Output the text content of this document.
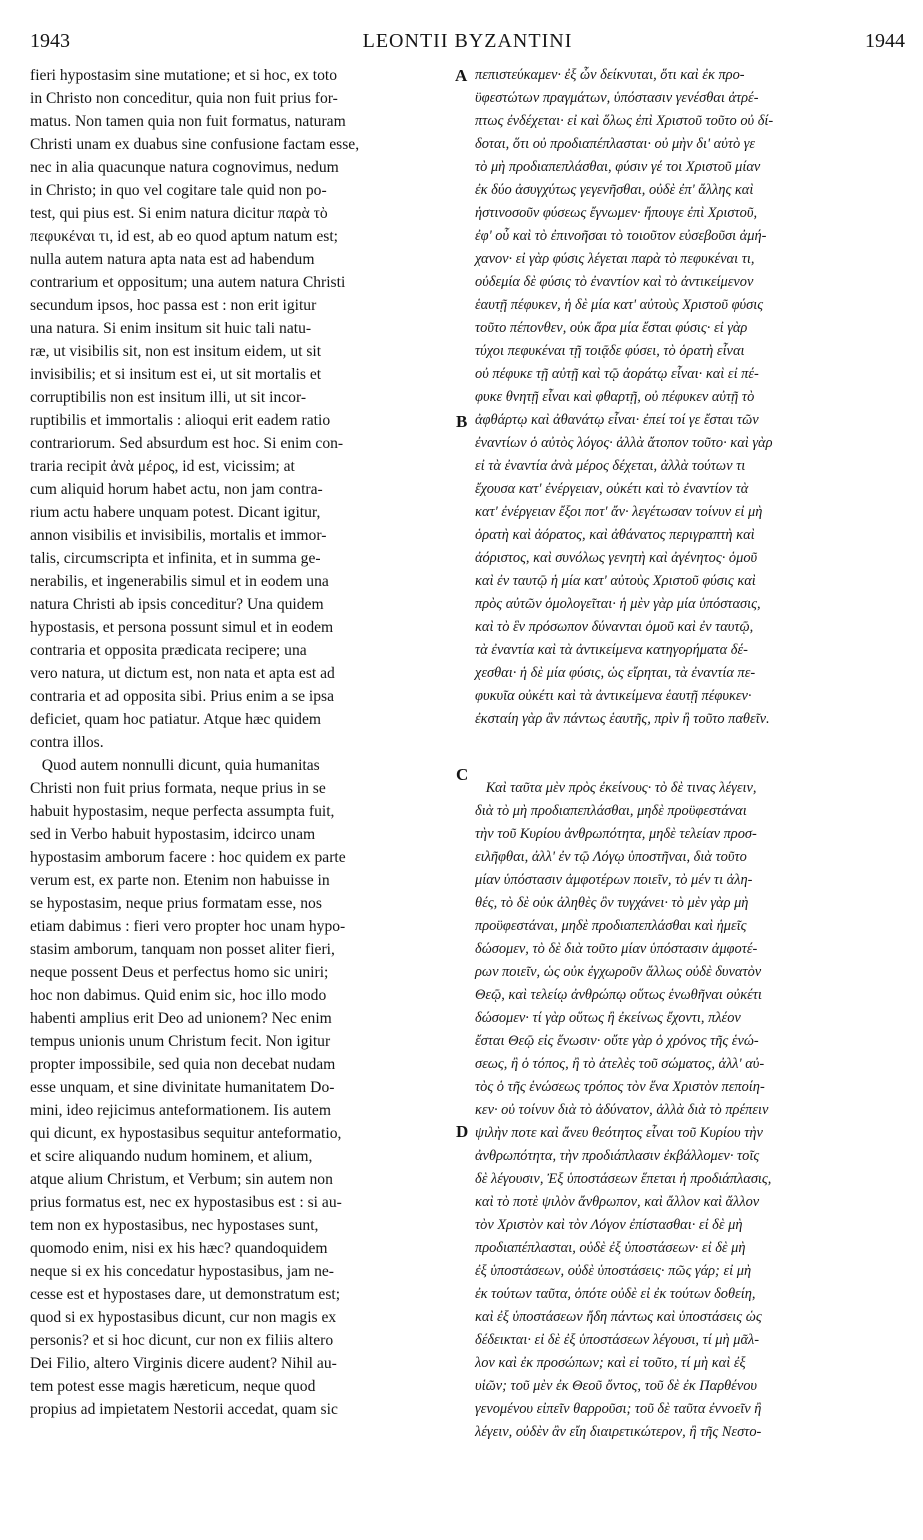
1943	LEONTII BYZANTINI	1944
fieri hypostasim sine mutatione; et si hoc, ex toto
in Christo non conceditur, quia non fuit prius for-
matus. Non tamen quia non fuit formatus, naturam
Christi unam ex duabus sine confusione factam esse,
nec in alia quacunque natura cognovimus, nedum
in Christo; in quo vel cogitare tale quid non po-
test, qui pius est. Si enim natura dicitur παρὰ τὸ
πεφυκέναι τι, id est, ab eo quod aptum natum est;
nulla autem natura apta nata est ad habendum
contrarium et oppositum; una autem natura Christi
secundum ipsos, hoc passa est : non erit igitur
una natura. Si enim insitum sit huic tali natu-
ræ, ut visibilis sit, non est insitum eidem, ut sit
invisibilis; et si insitum est ei, ut sit mortalis et
corruptibilis non est insitum illi, ut sit incor-
ruptibilis et immortalis : alioqui erit eadem ratio
contrariorum. Sed absurdum est hoc. Si enim con-
traria recipit ἀνὰ μέρος, id est, vicissim; at
cum aliquid horum habet actu, non jam contra-
rium actu habere unquam potest. Dicant igitur,
annon visibilis et invisibilis, mortalis et immor-
talis, circumscripta et infinita, et in summa ge-
nerabilis, et ingenerabilis simul et in eodem una
natura Christi ab ipsis conceditur? Una quidem
hypostasis, et persona possunt simul et in eodem
contraria et opposita prædicata recipere; una
vero natura, ut dictum est, non nata et apta est ad
contraria et ad opposita sibi. Prius enim a se ipsa
deficiet, quam hoc patiatur. Atque hæc quidem
contra illos.
Quod autem nonnulli dicunt, quia humanitas
Christi non fuit prius formata, neque prius in se
habuit hypostasim, neque perfecta assumpta fuit,
sed in Verbo habuit hypostasim, idcirco unam
hypostasim amborum facere : hoc quidem ex parte
verum est, ex parte non. Etenim non habuisse in
se hypostasim, neque prius formatam esse, nos
etiam dabimus : fieri vero propter hoc unam hypo-
stasim amborum, tanquam non posset aliter fieri,
neque possent Deus et perfectus homo sic uniri;
hoc non dabimus. Quid enim sic, hoc illo modo
habenti amplius erit Deo ad unionem? Nec enim
tempus unionis unum Christum fecit. Non igitur
propter impossibile, sed quia non decebat nudam
esse unquam, et sine divinitate humanitatem Do-
mini, ideo rejicimus anteformationem. Iis autem
qui dicunt, ex hypostasibus sequitur anteformatio,
et scire aliquando nudum hominem, et alium,
atque alium Christum, et Verbum; sin autem non
prius formatus est, nec ex hypostasibus est : si au-
tem non ex hypostasibus, nec hypostases sunt,
quomodo enim, nisi ex his hæc? quandoquidem
neque si ex his concedatur hypostasibus, jam ne-
cesse est et hypostases dare, ut demonstratum est;
quod si ex hypostasibus dicunt, cur non magis ex
personis? et si hoc dicunt, cur non ex filiis altero
Dei Filio, altero Virginis dicere audent? Nihil au-
tem potest esse magis hæreticum, neque quod
propius ad impietatem Nestorii accedat, quam sic
πεπιστεύκαμεν· ἐξ ὧν δείκνυται, ὅτι καὶ ἐκ προ-
ϋφεστώτων πραγμάτων, ὑπόστασιν γενέσθαι ἀτρέ-
πτως ἐνδέχεται· εἰ καὶ ὅλως ἐπὶ Χριστοῦ τοῦτο οὐ δί-
δοται, ὅτι οὐ προδιαπέπλασται· οὐ μὴν δι' αὐτὸ γε
τὸ μὴ προδιαπεπλάσθαι, φύσιν γέ τοι Χριστοῦ μίαν
ἐκ δύο ἀσυγχύτως γεγενῆσθαι, οὐδὲ ἐπ' ἄλλης καὶ
ἡστινοσοῦν φύσεως ἔγνωμεν· ἤπουγε ἐπὶ Χριστοῦ,
ἐφ' οὗ καὶ τὸ ἐπινοῆσαι τὸ τοιοῦτον εὐσεβοῦσι ἀμή-
χανον· εἰ γὰρ φύσις λέγεται παρὰ τὸ πεφυκέναι τι,
οὐδεμία δὲ φύσις τὸ ἐναντίον καὶ τὸ ἀντικείμενον
ἑαυτῇ πέφυκεν, ἡ δὲ μία κατ' αὐτοὺς Χριστοῦ φύσις
τοῦτο πέπονθεν, οὐκ ἄρα μία ἔσται φύσις· εἰ γὰρ
τύχοι πεφυκέναι τῇ τοιᾷδε φύσει, τὸ ὁρατὴ εἶναι
οὐ πέφυκε τῇ αὐτῇ καὶ τῷ ἀοράτῳ εἶναι· καὶ εἰ πέ-
φυκε θνητῇ εἶναι καὶ φθαρτῇ, οὐ πέφυκεν αὐτῇ τὸ
ἀφθάρτῳ καὶ ἀθανάτῳ εἶναι· ἐπεί τοί γε ἔσται τῶν
ἐναντίων ὁ αὐτὸς λόγος· ἀλλὰ ἄτοπον τοῦτο· καὶ γὰρ
εἰ τὰ ἐναντία ἀνὰ μέρος δέχεται, ἀλλὰ τούτων τι
ἔχουσα κατ' ἐνέργειαν, οὐκέτι καὶ τὸ ἐναντίον τὰ
κατ' ἐνέργειαν ἔξοι ποτ' ἄν· λεγέτωσαν τοίνυν εἰ μὴ
ὁρατὴ καὶ ἀόρατος, καὶ ἀθάνατος περιγραπτὴ καὶ
ἀόριστος, καὶ συνόλως γενητὴ καὶ ἀγένητος· ὁμοῦ
καὶ ἐν ταυτῷ ἡ μία κατ' αὐτοὺς Χριστοῦ φύσις καὶ
πρὸς αὐτῶν ὁμολογεῖται· ἡ μὲν γὰρ μία ὑπόστασις,
καὶ τὸ ἓν πρόσωπον δύνανται ὁμοῦ καὶ ἐν ταυτῷ,
τὰ ἐναντία καὶ τὰ ἀντικείμενα κατηγορήματα δέ-
χεσθαι· ἡ δὲ μία φύσις, ὡς εἴρηται, τὰ ἐναντία πε-
φυκυῖα οὐκέτι καὶ τὰ ἀντικείμενα ἑαυτῇ πέφυκεν·
ἐκσταίη γὰρ ἂν πάντως ἑαυτῆς, πρὶν ἢ τοῦτο παθεῖν.
Καὶ ταῦτα μὲν πρὸς ἐκείνους· τὸ δὲ τινας λέγειν,
διὰ τὸ μὴ προδιαπεπλάσθαι, μηδὲ προϋφεστάναι
τὴν τοῦ Κυρίου ἀνθρωπότητα, μηδὲ τελείαν προσ-
ειλῆφθαι, ἀλλ' ἐν τῷ Λόγῳ ὑποστῆναι, διὰ τοῦτο
μίαν ὑπόστασιν ἀμφοτέρων ποιεῖν, τὸ μέν τι ἀλη-
θές, τὸ δὲ οὐκ ἀληθὲς ὂν τυγχάνει· τὸ μὲν γὰρ μὴ
προϋφεστάναι, μηδὲ προδιαπεπλάσθαι καὶ ἡμεῖς
δώσομεν, τὸ δὲ διὰ τοῦτο μίαν ὑπόστασιν ἀμφοτέ-
ρων ποιεῖν, ὡς οὐκ ἐγχωροῦν ἄλλως οὐδὲ δυνατὸν
Θεῷ, καὶ τελείῳ ἀνθρώπῳ οὕτως ἑνωθῆναι οὐκέτι
δώσομεν· τί γὰρ οὕτως ἢ ἐκείνως ἔχοντι, πλέον
ἔσται Θεῷ εἰς ἕνωσιν· οὔτε γὰρ ὁ χρόνος τῆς ἑνώ-
σεως, ἢ ὁ τόπος, ἢ τὸ ἀτελὲς τοῦ σώματος, ἀλλ' αὐ-
τὸς ὁ τῆς ἑνώσεως τρόπος τὸν ἕνα Χριστὸν πεποίη-
κεν· οὐ τοίνυν διὰ τὸ ἀδύνατον, ἀλλὰ διὰ τὸ πρέπειν
ψιλὴν ποτε καὶ ἄνευ θεότητος εἶναι τοῦ Κυρίου τὴν
ἀνθρωπότητα, τὴν προδιάπλασιν ἐκβάλλομεν· τοῖς
δὲ λέγουσιν, Ἐξ ὑποστάσεων ἕπεται ἡ προδιάπλασις,
καὶ τὸ ποτὲ ψιλὸν ἄνθρωπον, καὶ ἄλλον καὶ ἄλλον
τὸν Χριστὸν καὶ τὸν Λόγον ἐπίστασθαι· εἰ δὲ μὴ
προδιαπέπλασται, οὐδὲ ἐξ ὑποστάσεων· εἰ δὲ μὴ
ἐξ ὑποστάσεων, οὐδὲ ὑποστάσεις· πῶς γάρ; εἰ μὴ
ἐκ τούτων ταῦτα, ὁπότε οὐδὲ εἰ ἐκ τούτων δοθείη,
καὶ ἐξ ὑποστάσεων ἤδη πάντως καὶ ὑποστάσεις ὡς
δέδεικται· εἰ δὲ ἐξ ὑποστάσεων λέγουσι, τί μὴ μᾶλ-
λον καὶ ἐκ προσώπων; καὶ εἰ τοῦτο, τί μὴ καὶ ἐξ
υἱῶν; τοῦ μὲν ἐκ Θεοῦ ὄντος, τοῦ δὲ ἐκ Παρθένου
γενομένου εἰπεῖν θαρροῦσι; τοῦ δὲ ταῦτα ἐννοεῖν ἢ
λέγειν, οὐδὲν ἂν εἴη διαιρετικώτερον, ἢ τῆς Νεστο-
A
B
C
D
